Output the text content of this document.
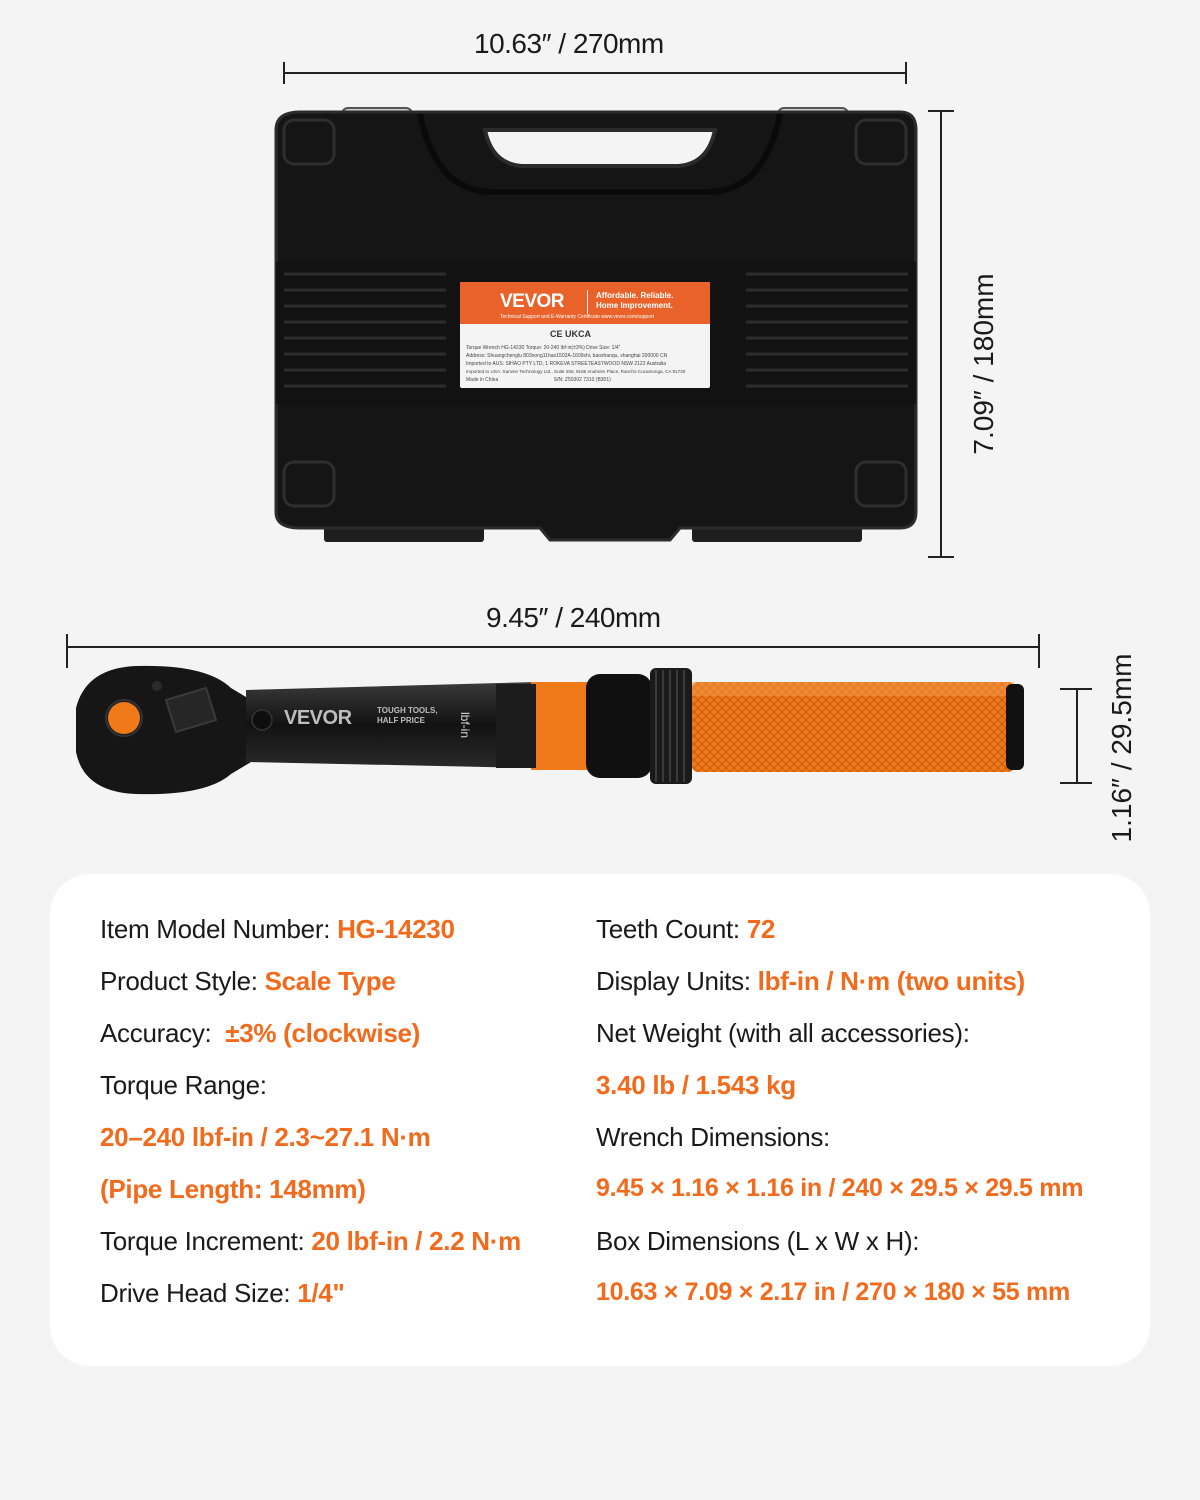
10.63″ / 270mm
7.09″ / 180mm
VEVOR	Affordable. Reliable.
Home Improvement.
Technical Support and E-Warranty Certificate www.vevor.com/support
CE UKCA
Torque Wrench HG-14230 Torque: 20-240 lbf·in(±3%) Drive Size: 1/4"
Address: Shuangchenglu 803nong11hao1502A-1609shi, baoshanqu, shanghai 200000 CN
Imported to AUS: SIHAO PTY LTD, 1 ROKEVA STREETEASTWOOD NSW 2122 Australia
Imported to USA: Sanven Technology Ltd., Suite 250, 9166 Anaheim Place, Rancho Cucamonga, CA 91730
Made in China                                        S/N: Z50302 7310 (B301)
9.45″ / 240mm
VEVOR	TOUGH TOOLS,
HALF PRICE	lbf-in	1.16″ / 29.5mm
Item Model Number: HG-14230
Product Style: Scale Type
Accuracy:  ±3% (clockwise)
Torque Range:
20–240 lbf-in / 2.3~27.1 N·m
(Pipe Length: 148mm)
Torque Increment: 20 lbf-in / 2.2 N·m
Drive Head Size: 1/4"
Teeth Count: 72
Display Units: lbf-in / N·m (two units)
Net Weight (with all accessories):
3.40 lb / 1.543 kg
Wrench Dimensions:
9.45 × 1.16 × 1.16 in / 240 × 29.5 × 29.5 mm
Box Dimensions (L x W x H):
10.63 × 7.09 × 2.17 in / 270 × 180 × 55 mm
